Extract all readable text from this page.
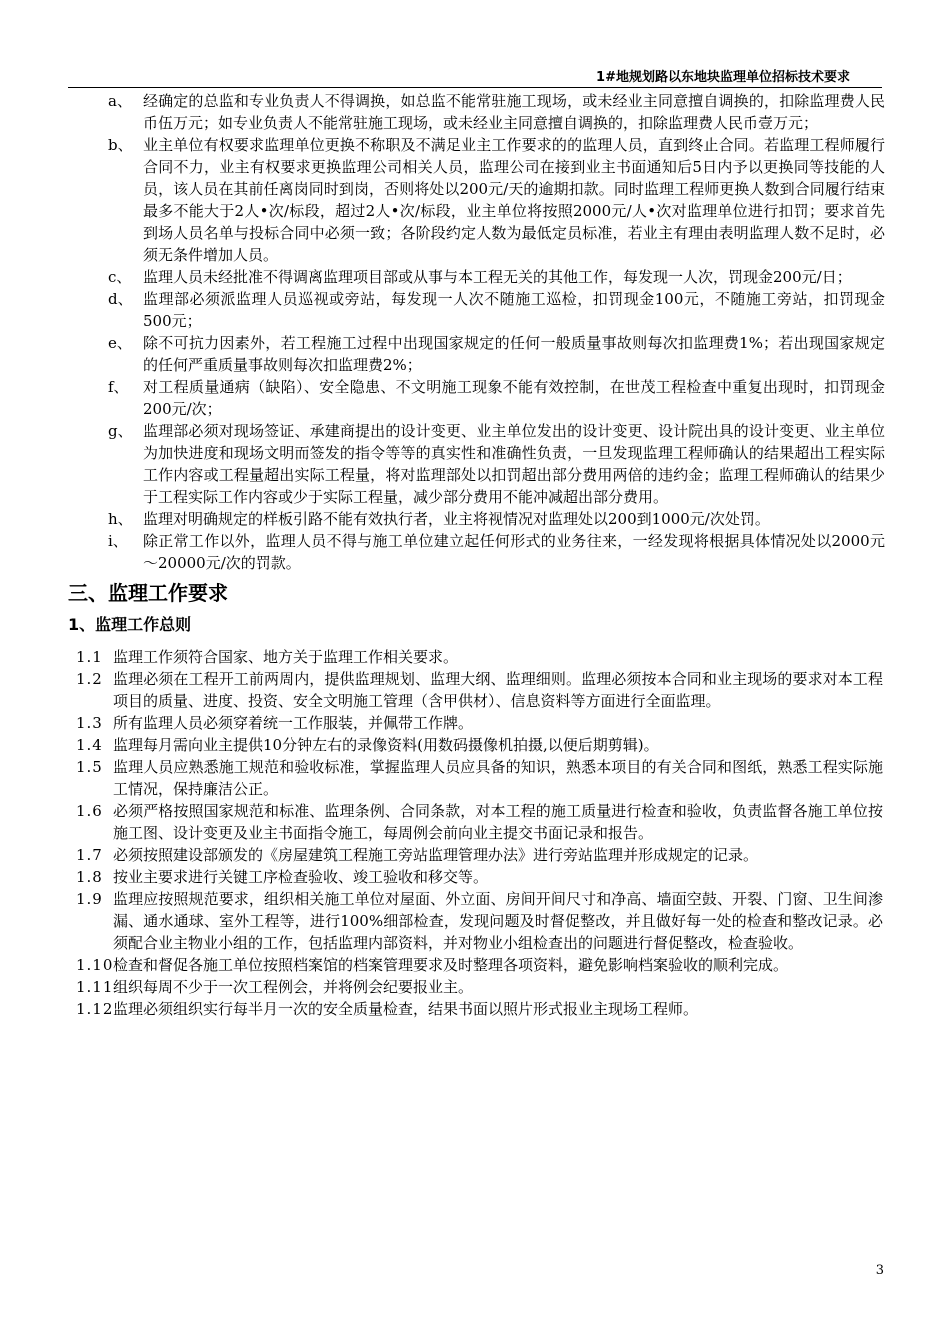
1#地规划路以东地块监理单位招标技术要求
a、 经确定的总监和专业负责人不得调换，如总监不能常驻施工现场，或未经业主同意擅自调换的，扣除监理费人民币伍万元；如专业负责人不能常驻施工现场，或未经业主同意擅自调换的，扣除监理费人民币壹万元；
b、 业主单位有权要求监理单位更换不称职及不满足业主工作要求的的监理人员，直到终止合同。若监理工程师履行合同不力，业主有权要求更换监理公司相关人员，监理公司在接到业主书面通知后5日内予以更换同等技能的人员，该人员在其前任离岗同时到岗，否则将处以200元/天的逾期扣款。同时监理工程师更换人数到合同履行结束最多不能大于2人•次/标段，超过2人•次/标段，业主单位将按照2000元/人•次对监理单位进行扣罚；要求首先到场人员名单与投标合同中必须一致；各阶段约定人数为最低定员标准，若业主有理由表明监理人数不足时，必须无条件增加人员。
c、 监理人员未经批准不得调离监理项目部或从事与本工程无关的其他工作，每发现一人次，罚现金200元/日；
d、 监理部必须派监理人员巡视或旁站，每发现一人次不随施工巡检，扣罚现金100元，不随施工旁站，扣罚现金500元；
e、 除不可抗力因素外，若工程施工过程中出现国家规定的任何一般质量事故则每次扣监理费1%；若出现国家规定的任何严重质量事故则每次扣监理费2%；
f、 对工程质量通病（缺陷）、安全隐患、不文明施工现象不能有效控制，在世茂工程检查中重复出现时，扣罚现金200元/次；
g、 监理部必须对现场签证、承建商提出的设计变更、业主单位发出的设计变更、设计院出具的设计变更、业主单位为加快进度和现场文明而签发的指令等等的真实性和准确性负责，一旦发现监理工程师确认的结果超出工程实际工作内容或工程量超出实际工程量，将对监理部处以扣罚超出部分费用两倍的违约金；监理工程师确认的结果少于工程实际工作内容或少于实际工程量，减少部分费用不能冲减超出部分费用。
h、 监理对明确规定的样板引路不能有效执行者，业主将视情况对监理处以200到1000元/次处罚。
i、	除正常工作以外，监理人员不得与施工单位建立起任何形式的业务往来，一经发现将根据具体情况处以2000元～20000元/次的罚款。
三、监理工作要求
1、监理工作总则
1.1 监理工作须符合国家、地方关于监理工作相关要求。
1.2 监理必须在工程开工前两周内，提供监理规划、监理大纲、监理细则。监理必须按本合同和业主现场的要求对本工程项目的质量、进度、投资、安全文明施工管理（含甲供材）、信息资料等方面进行全面监理。
1.3 所有监理人员必须穿着统一工作服装，并佩带工作牌。
1.4 监理每月需向业主提供10分钟左右的录像资料(用数码摄像机拍摄,以便后期剪辑)。
1.5 监理人员应熟悉施工规范和验收标准，掌握监理人员应具备的知识，熟悉本项目的有关合同和图纸，熟悉工程实际施工情况，保持廉洁公正。
1.6 必须严格按照国家规范和标准、监理条例、合同条款，对本工程的施工质量进行检查和验收，负责监督各施工单位按施工图、设计变更及业主书面指令施工，每周例会前向业主提交书面记录和报告。
1.7 必须按照建设部颁发的《房屋建筑工程施工旁站监理管理办法》进行旁站监理并形成规定的记录。
1.8 按业主要求进行关键工序检查验收、竣工验收和移交等。
1.9 监理应按照规范要求，组织相关施工单位对屋面、外立面、房间开间尺寸和净高、墙面空鼓、开裂、门窗、卫生间渗漏、通水通球、室外工程等，进行100%细部检查，发现问题及时督促整改，并且做好每一处的检查和整改记录。必须配合业主物业小组的工作，包括监理内部资料，并对物业小组检查出的问题进行督促整改，检查验收。
1.10 检查和督促各施工单位按照档案馆的档案管理要求及时整理各项资料，避免影响档案验收的顺利完成。
1.11 组织每周不少于一次工程例会，并将例会纪要报业主。
1.12 监理必须组织实行每半月一次的安全质量检查，结果书面以照片形式报业主现场工程师。
3
